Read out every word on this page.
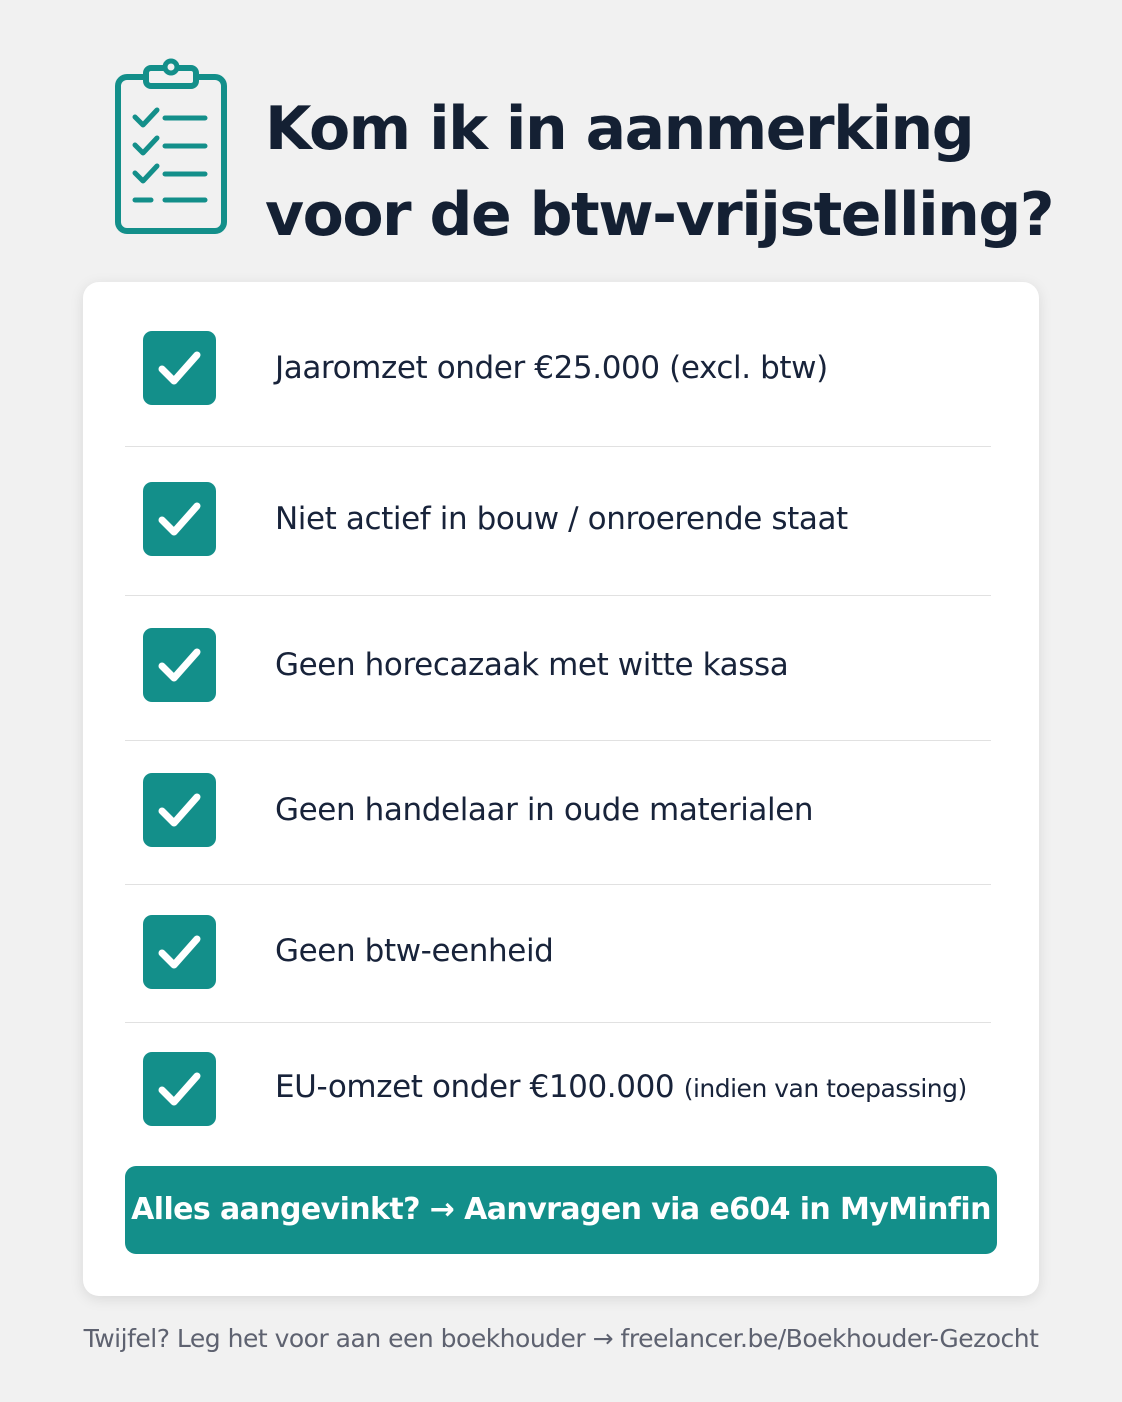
Kom ik in aanmerking
voor de btw-vrijstelling?
Jaaromzet onder €25.000 (excl. btw)
Niet actief in bouw / onroerende staat
Geen horecazaak met witte kassa
Geen handelaar in oude materialen
Geen btw-eenheid
EU-omzet onder €100.000 (indien van toepassing)
Alles aangevinkt? → Aanvragen via e604 in MyMinfin
Twijfel? Leg het voor aan een boekhouder → freelancer.be/Boekhouder-Gezocht
